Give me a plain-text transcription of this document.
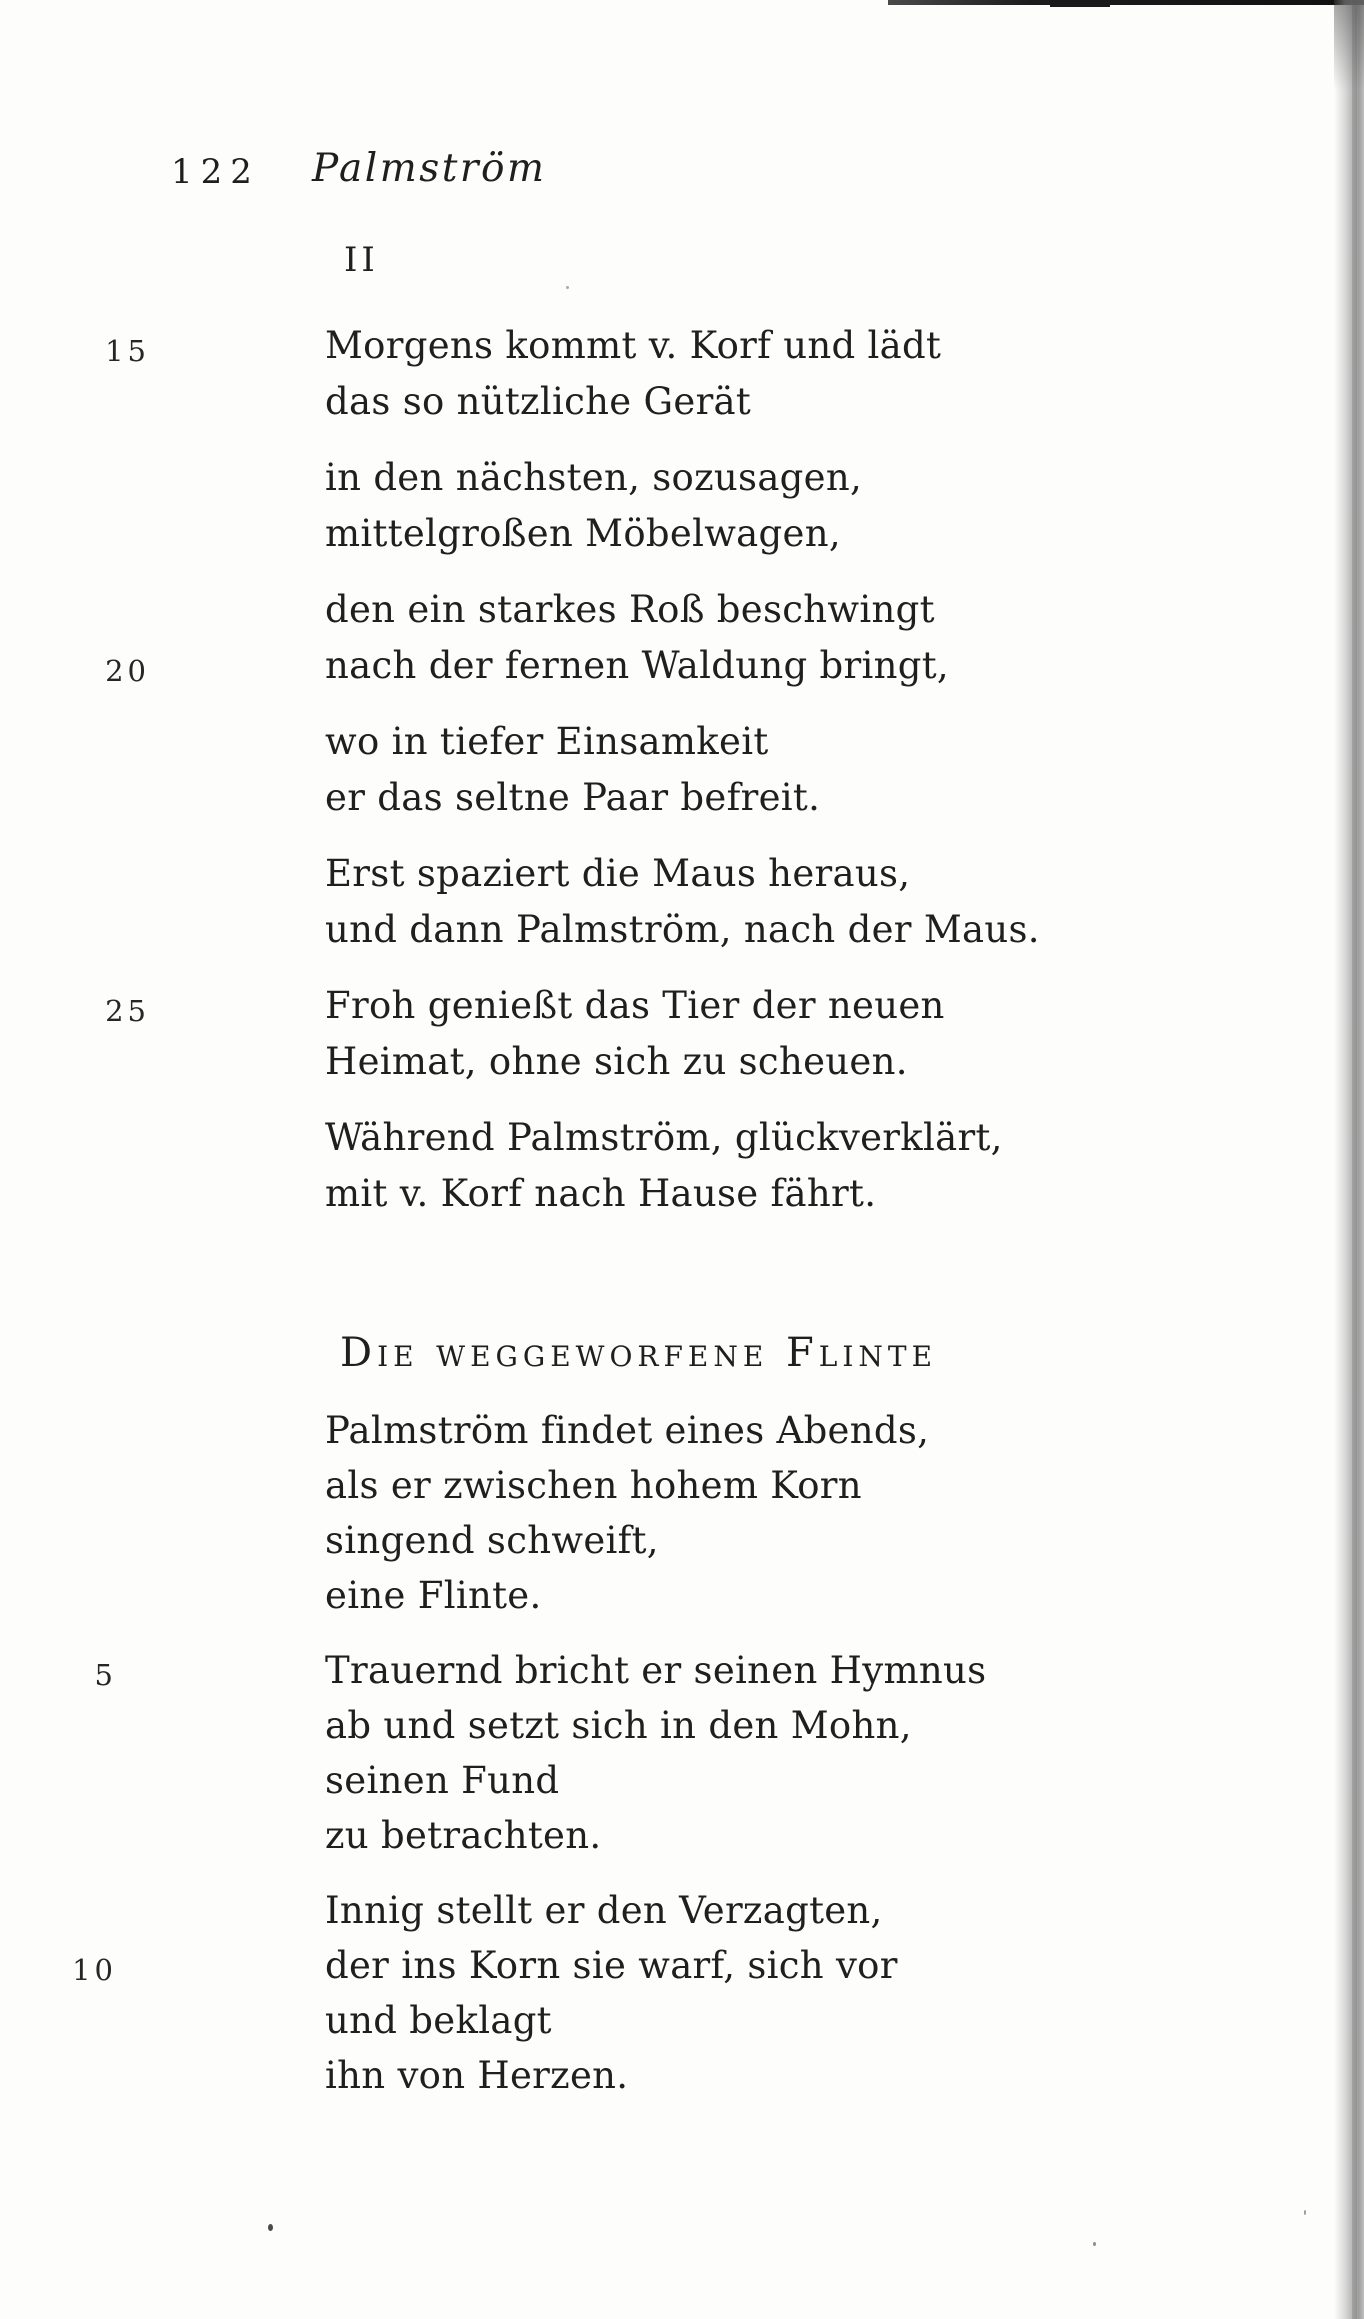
122 Palmström
II
15	Morgens kommt v. Korf und lädt
das so nützliche Gerät
in den nächsten, sozusagen,
mittelgroßen Möbelwagen,
den ein starkes Roß beschwingt
20	nach der fernen Waldung bringt,
wo in tiefer Einsamkeit
er das seltne Paar befreit.
Erst spaziert die Maus heraus,
und dann Palmström, nach der Maus.
25	Froh genießt das Tier der neuen
Heimat, ohne sich zu scheuen.
Während Palmström, glückverklärt,
mit v. Korf nach Hause fährt.
Die weggeworfene Flinte
Palmström findet eines Abends,
als er zwischen hohem Korn
singend schweift,
eine Flinte.
5	Trauernd bricht er seinen Hymnus
ab und setzt sich in den Mohn,
seinen Fund
zu betrachten.
Innig stellt er den Verzagten,
10	der ins Korn sie warf, sich vor
und beklagt
ihn von Herzen.
